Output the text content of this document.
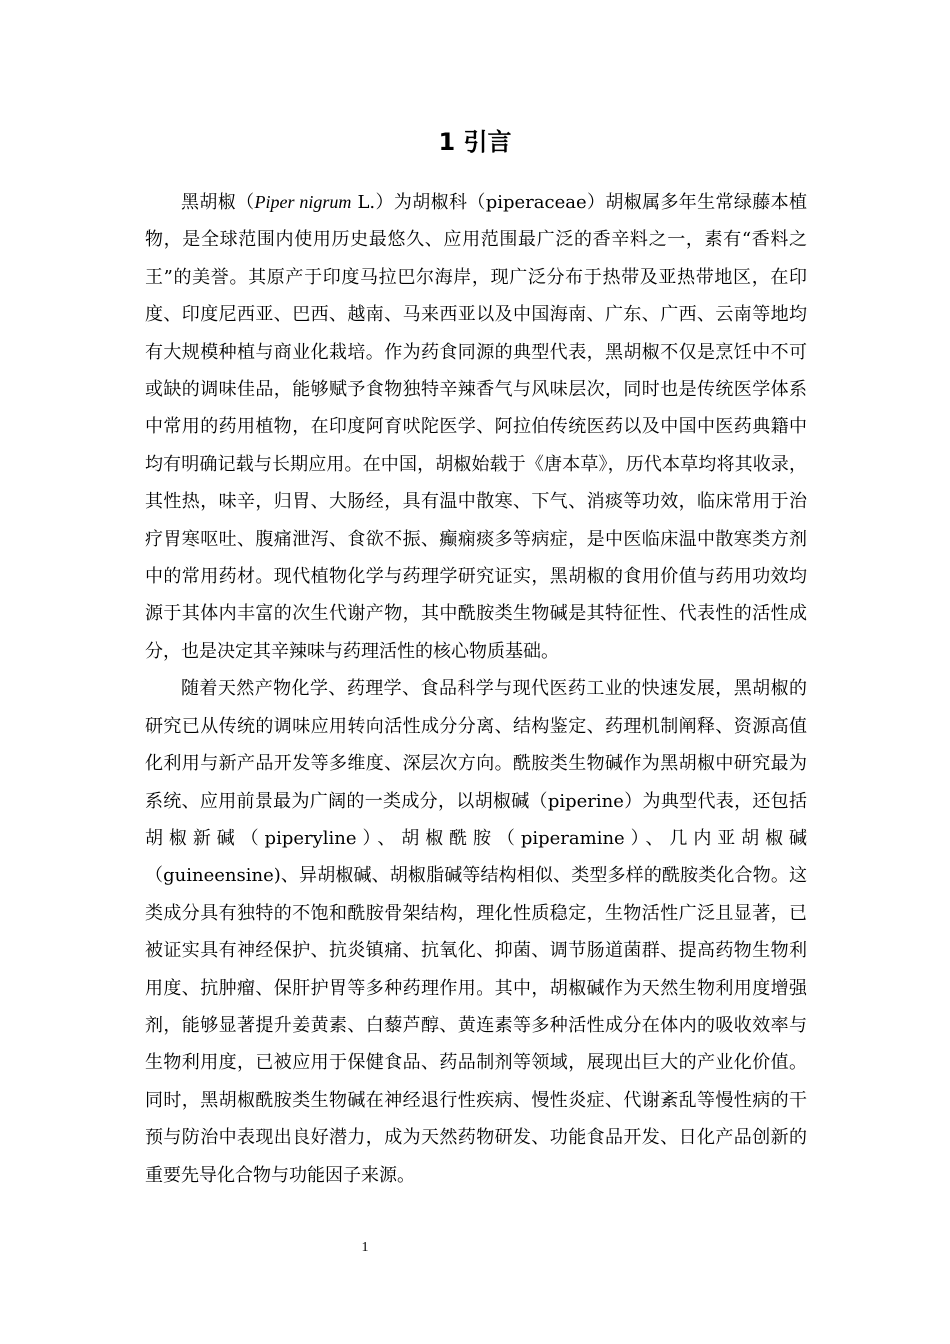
1 引言

黑胡椒（Piper nigrum L.）为胡椒科（piperaceae）胡椒属多年生常绿藤本植物，是全球范围内使用历史最悠久、应用范围最广泛的香辛料之一，素有“香料之王”的美誉。其原产于印度马拉巴尔海岸，现广泛分布于热带及亚热带地区，在印度、印度尼西亚、巴西、越南、马来西亚以及中国海南、广东、广西、云南等地均有大规模种植与商业化栽培。作为药食同源的典型代表，黑胡椒不仅是烹饪中不可或缺的调味佳品，能够赋予食物独特辛辣香气与风味层次，同时也是传统医学体系中常用的药用植物，在印度阿育吠陀医学、阿拉伯传统医药以及中国中医药典籍中均有明确记载与长期应用。在中国，胡椒始载于《唐本草》，历代本草均将其收录，其性热，味辛，归胃、大肠经，具有温中散寒、下气、消痰等功效，临床常用于治疗胃寒呕吐、腹痛泄泻、食欲不振、癫痫痰多等病症，是中医临床温中散寒类方剂中的常用药材。现代植物化学与药理学研究证实，黑胡椒的食用价值与药用功效均源于其体内丰富的次生代谢产物，其中酰胺类生物碱是其特征性、代表性的活性成分，也是决定其辛辣味与药理活性的核心物质基础。

随着天然产物化学、药理学、食品科学与现代医药工业的快速发展，黑胡椒的研究已从传统的调味应用转向活性成分分离、结构鉴定、药理机制阐释、资源高值化利用与新产品开发等多维度、深层次方向。酰胺类生物碱作为黑胡椒中研究最为系统、应用前景最为广阔的一类成分，以胡椒碱（piperine）为典型代表，还包括胡椒新碱（piperyline）、胡椒酰胺（piperamine）、几内亚胡椒碱（guineensine)、异胡椒碱、胡椒脂碱等结构相似、类型多样的酰胺类化合物。这类成分具有独特的不饱和酰胺骨架结构，理化性质稳定，生物活性广泛且显著，已被证实具有神经保护、抗炎镇痛、抗氧化、抑菌、调节肠道菌群、提高药物生物利用度、抗肿瘤、保肝护胃等多种药理作用。其中，胡椒碱作为天然生物利用度增强剂，能够显著提升姜黄素、白藜芦醇、黄连素等多种活性成分在体内的吸收效率与生物利用度，已被应用于保健食品、药品制剂等领域，展现出巨大的产业化价值。同时，黑胡椒酰胺类生物碱在神经退行性疾病、慢性炎症、代谢紊乱等慢性病的干预与防治中表现出良好潜力，成为天然药物研发、功能食品开发、日化产品创新的重要先导化合物与功能因子来源。

1
